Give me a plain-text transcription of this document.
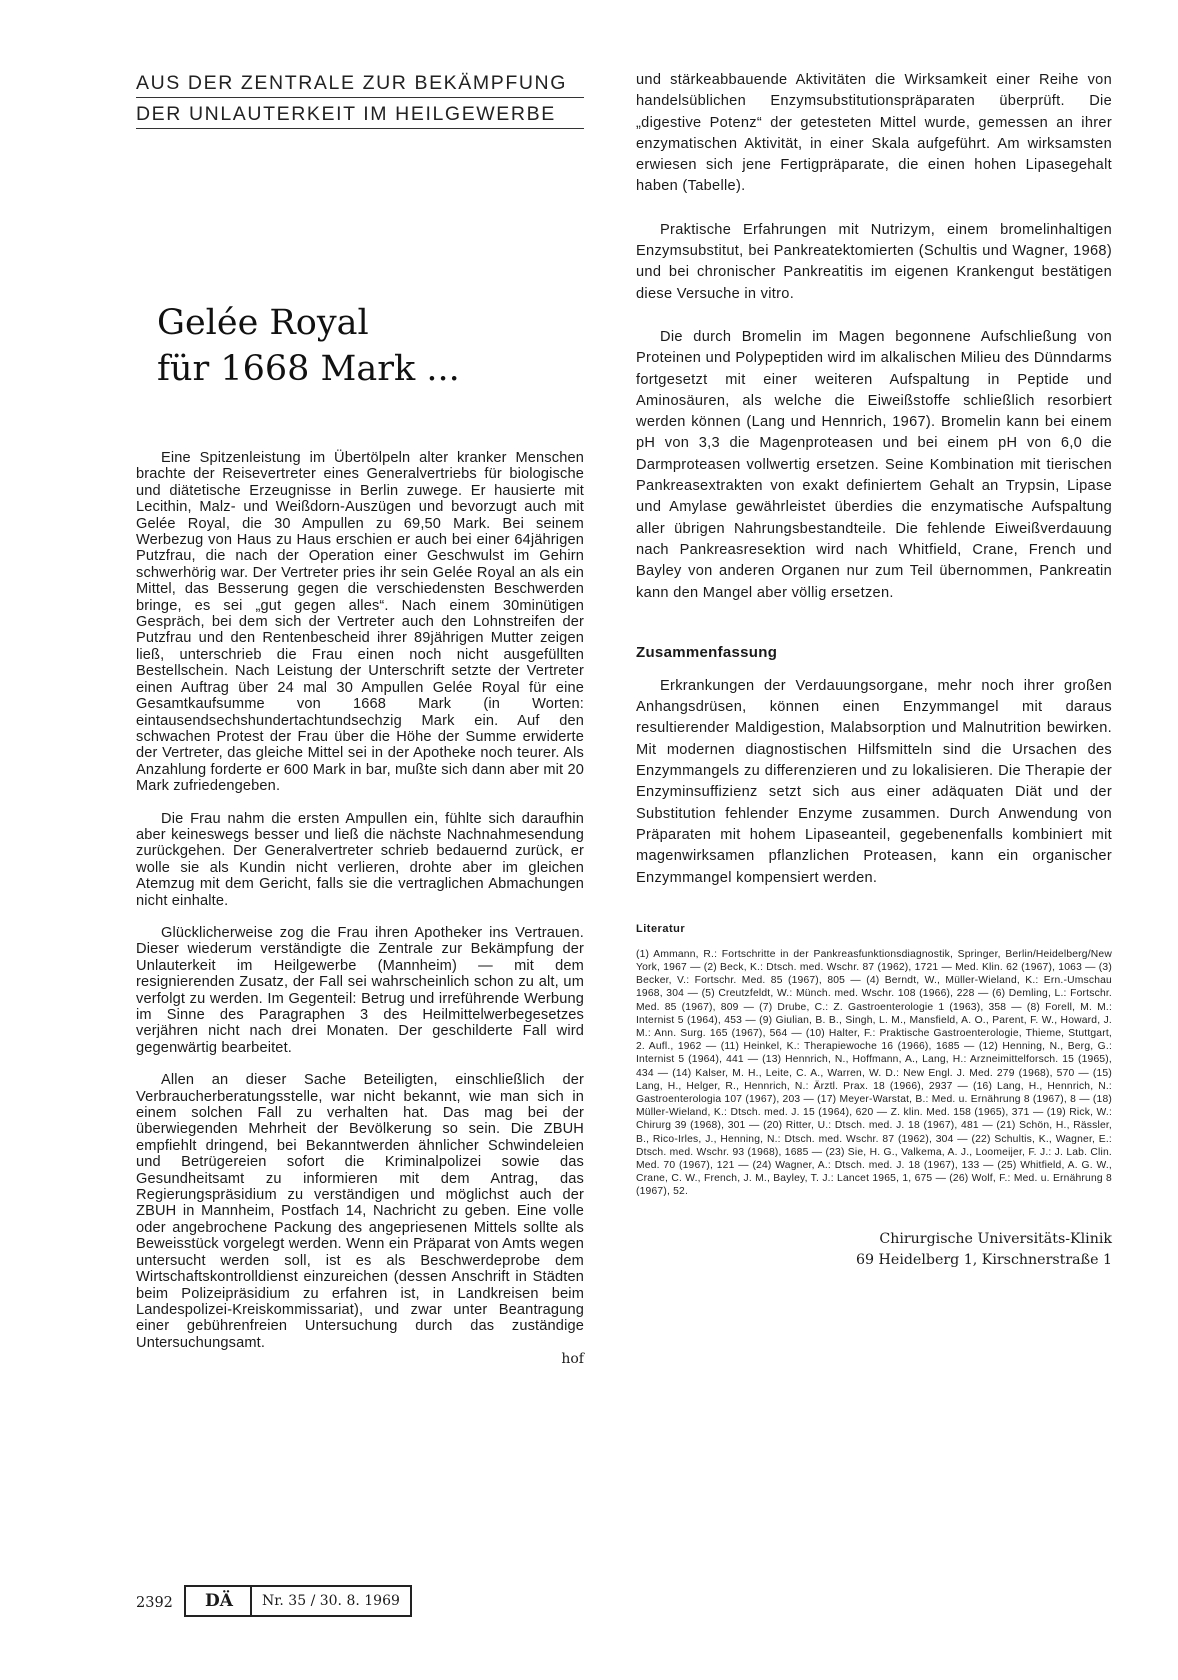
AUS DER ZENTRALE ZUR BEKÄMPFUNG
DER UNLAUTERKEIT IM HEILGEWERBE
Gelée Royal
für 1668 Mark ...

Eine Spitzenleistung im Übertölpeln alter kranker Menschen brachte der Reisevertreter eines Generalvertriebs für biologische und diätetische Erzeugnisse in Berlin zuwege. Er hausierte mit Lecithin, Malz- und Weißdorn-Auszügen und bevorzugt auch mit Gelée Royal, die 30 Ampullen zu 69,50 Mark. Bei seinem Werbezug von Haus zu Haus erschien er auch bei einer 64jährigen Putzfrau, die nach der Operation einer Geschwulst im Gehirn schwerhörig war. Der Vertreter pries ihr sein Gelée Royal an als ein Mittel, das Besserung gegen die verschiedensten Beschwerden bringe, es sei „gut gegen alles“. Nach einem 30minütigen Gespräch, bei dem sich der Vertreter auch den Lohnstreifen der Putzfrau und den Rentenbescheid ihrer 89jährigen Mutter zeigen ließ, unterschrieb die Frau einen noch nicht ausgefüllten Bestellschein. Nach Leistung der Unterschrift setzte der Vertreter einen Auftrag über 24 mal 30 Ampullen Gelée Royal für eine Gesamtkaufsumme von 1668 Mark (in Worten: eintausendsechshundertachtundsechzig Mark ein. Auf den schwachen Protest der Frau über die Höhe der Summe erwiderte der Vertreter, das gleiche Mittel sei in der Apotheke noch teurer. Als Anzahlung forderte er 600 Mark in bar, mußte sich dann aber mit 20 Mark zufriedengeben.

Die Frau nahm die ersten Ampullen ein, fühlte sich daraufhin aber keineswegs besser und ließ die nächste Nachnahmesendung zurückgehen. Der Generalvertreter schrieb bedauernd zurück, er wolle sie als Kundin nicht verlieren, drohte aber im gleichen Atemzug mit dem Gericht, falls sie die vertraglichen Abmachungen nicht einhalte.

Glücklicherweise zog die Frau ihren Apotheker ins Vertrauen. Dieser wiederum verständigte die Zentrale zur Bekämpfung der Unlauterkeit im Heilgewerbe (Mannheim) — mit dem resignierenden Zusatz, der Fall sei wahrscheinlich schon zu alt, um verfolgt zu werden. Im Gegenteil: Betrug und irreführende Werbung im Sinne des Paragraphen 3 des Heilmittelwerbegesetzes verjähren nicht nach drei Monaten. Der geschilderte Fall wird gegenwärtig bearbeitet.

Allen an dieser Sache Beteiligten, einschließlich der Verbraucherberatungsstelle, war nicht bekannt, wie man sich in einem solchen Fall zu verhalten hat. Das mag bei der überwiegenden Mehrheit der Bevölkerung so sein. Die ZBUH empfiehlt dringend, bei Bekanntwerden ähnlicher Schwindeleien und Betrügereien sofort die Kriminalpolizei sowie das Gesundheitsamt zu informieren mit dem Antrag, das Regierungspräsidium zu verständigen und möglichst auch der ZBUH in Mannheim, Postfach 14, Nachricht zu geben. Eine volle oder angebrochene Packung des angepriesenen Mittels sollte als Beweisstück vorgelegt werden. Wenn ein Präparat von Amts wegen untersucht werden soll, ist es als Beschwerdeprobe dem Wirtschaftskontrolldienst einzureichen (dessen Anschrift in Städten beim Polizeipräsidium zu erfahren ist, in Landkreisen beim Landespolizei-Kreiskommissariat), und zwar unter Beantragung einer gebührenfreien Untersuchung durch das zuständige Untersuchungsamt.

hof

und stärkeabbauende Aktivitäten die Wirksamkeit einer Reihe von handelsüblichen Enzymsubstitutionspräparaten überprüft. Die „digestive Potenz“ der getesteten Mittel wurde, gemessen an ihrer enzymatischen Aktivität, in einer Skala aufgeführt. Am wirksamsten erwiesen sich jene Fertigpräparate, die einen hohen Lipasegehalt haben (Tabelle).

Praktische Erfahrungen mit Nutrizym, einem bromelinhaltigen Enzymsubstitut, bei Pankreatektomierten (Schultis und Wagner, 1968) und bei chronischer Pankreatitis im eigenen Krankengut bestätigen diese Versuche in vitro.

Die durch Bromelin im Magen begonnene Aufschließung von Proteinen und Polypeptiden wird im alkalischen Milieu des Dünndarms fortgesetzt mit einer weiteren Aufspaltung in Peptide und Aminosäuren, als welche die Eiweißstoffe schließlich resorbiert werden können (Lang und Hennrich, 1967). Bromelin kann bei einem pH von 3,3 die Magenproteasen und bei einem pH von 6,0 die Darmproteasen vollwertig ersetzen. Seine Kombination mit tierischen Pankreasextrakten von exakt definiertem Gehalt an Trypsin, Lipase und Amylase gewährleistet überdies die enzymatische Aufspaltung aller übrigen Nahrungsbestandteile. Die fehlende Eiweißverdauung nach Pankreasresektion wird nach Whitfield, Crane, French und Bayley von anderen Organen nur zum Teil übernommen, Pankreatin kann den Mangel aber völlig ersetzen.

Zusammenfassung

Erkrankungen der Verdauungsorgane, mehr noch ihrer großen Anhangsdrüsen, können einen Enzymmangel mit daraus resultierender Maldigestion, Malabsorption und Malnutrition bewirken. Mit modernen diagnostischen Hilfsmitteln sind die Ursachen des Enzymmangels zu differenzieren und zu lokalisieren. Die Therapie der Enzyminsuffizienz setzt sich aus einer adäquaten Diät und der Substitution fehlender Enzyme zusammen. Durch Anwendung von Präparaten mit hohem Lipaseanteil, gegebenenfalls kombiniert mit magenwirksamen pflanzlichen Proteasen, kann ein organischer Enzymmangel kompensiert werden.

Literatur
(1) Ammann, R.: Fortschritte in der Pankreasfunktionsdiagnostik, Springer, Berlin/Heidelberg/New York, 1967 — (2) Beck, K.: Dtsch. med. Wschr. 87 (1962), 1721 — Med. Klin. 62 (1967), 1063 — (3) Becker, V.: Fortschr. Med. 85 (1967), 805 — (4) Berndt, W., Müller-Wieland, K.: Ern.-Umschau 1968, 304 — (5) Creutzfeldt, W.: Münch. med. Wschr. 108 (1966), 228 — (6) Demling, L.: Fortschr. Med. 85 (1967), 809 — (7) Drube, C.: Z. Gastroenterologie 1 (1963), 358 — (8) Forell, M. M.: Internist 5 (1964), 453 — (9) Giulian, B. B., Singh, L. M., Mansfield, A. O., Parent, F. W., Howard, J. M.: Ann. Surg. 165 (1967), 564 — (10) Halter, F.: Praktische Gastroenterologie, Thieme, Stuttgart, 2. Aufl., 1962 — (11) Heinkel, K.: Therapiewoche 16 (1966), 1685 — (12) Henning, N., Berg, G.: Internist 5 (1964), 441 — (13) Hennrich, N., Hoffmann, A., Lang, H.: Arzneimittelforsch. 15 (1965), 434 — (14) Kalser, M. H., Leite, C. A., Warren, W. D.: New Engl. J. Med. 279 (1968), 570 — (15) Lang, H., Helger, R., Hennrich, N.: Ärztl. Prax. 18 (1966), 2937 — (16) Lang, H., Hennrich, N.: Gastroenterologia 107 (1967), 203 — (17) Meyer-Warstat, B.: Med. u. Ernährung 8 (1967), 8 — (18) Müller-Wieland, K.: Dtsch. med. J. 15 (1964), 620 — Z. klin. Med. 158 (1965), 371 — (19) Rick, W.: Chirurg 39 (1968), 301 — (20) Ritter, U.: Dtsch. med. J. 18 (1967), 481 — (21) Schön, H., Rässler, B., Rico-Irles, J., Henning, N.: Dtsch. med. Wschr. 87 (1962), 304 — (22) Schultis, K., Wagner, E.: Dtsch. med. Wschr. 93 (1968), 1685 — (23) Sie, H. G., Valkema, A. J., Loomeijer, F. J.: J. Lab. Clin. Med. 70 (1967), 121 — (24) Wagner, A.: Dtsch. med. J. 18 (1967), 133 — (25) Whitfield, A. G. W., Crane, C. W., French, J. M., Bayley, T. J.: Lancet 1965, 1, 675 — (26) Wolf, F.: Med. u. Ernährung 8 (1967), 52.
Chirurgische Universitäts-Klinik
69 Heidelberg 1, Kirschnerstraße 1
2392	DÄ	Nr. 35 / 30. 8. 1969
